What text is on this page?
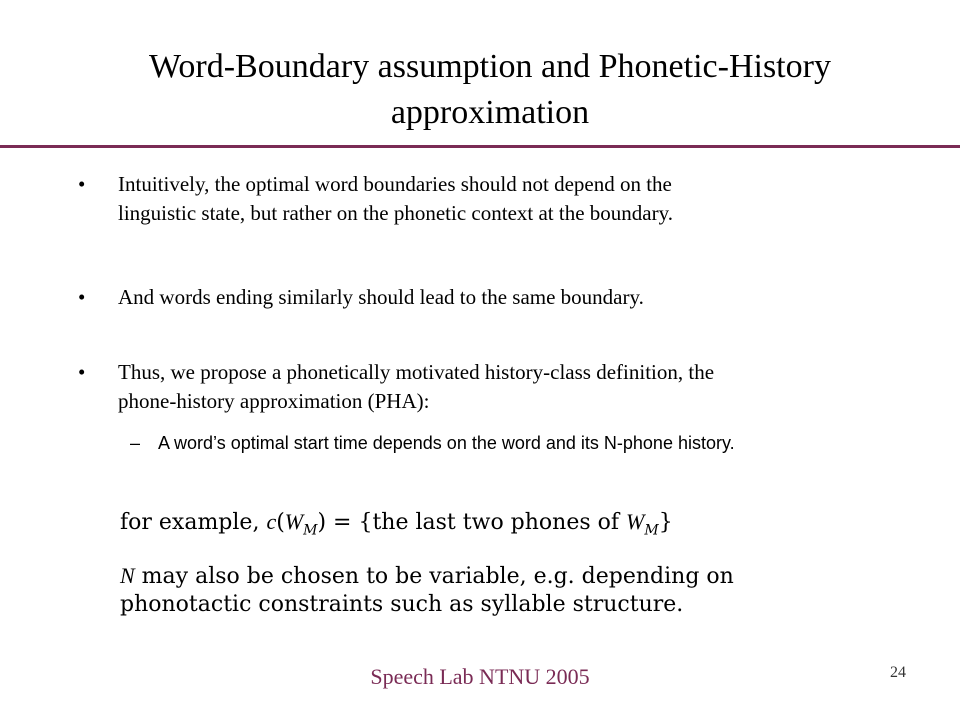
Word-Boundary assumption and Phonetic-History
approximation
•	Intuitively, the optimal word boundaries should not depend on the
linguistic state, but rather on the phonetic context at the boundary.
•	And words ending similarly should lead to the same boundary.
•	Thus, we propose a phonetically motivated history-class definition, the
phone-history approximation (PHA):
– A word’s optimal start time depends on the word and its N-phone history.
for example, $c(W_M) = \{the$ last two phones of $W_M$}
N may also be chosen to be variable, e.g. depending on
phonotactic constraints such as syllable structure.
Speech Lab NTNU 2005	24
